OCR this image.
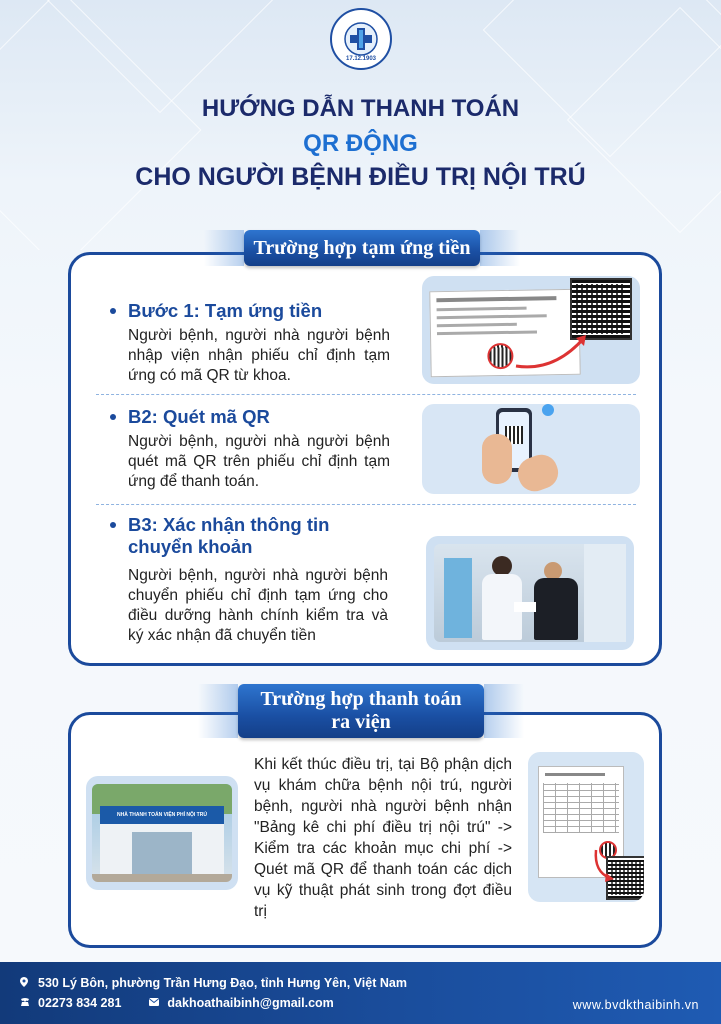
17.12.1903
HƯỚNG DẪN THANH TOÁN
QR ĐỘNG
CHO NGƯỜI BỆNH ĐIỀU TRỊ NỘI TRÚ
Trường hợp tạm ứng tiền
Bước 1: Tạm ứng tiền
Người bệnh, người nhà người bệnh nhập viện nhận phiếu chỉ định tạm ứng có mã QR từ khoa.
B2: Quét mã QR
Người bệnh, người nhà người bệnh quét mã QR trên phiếu chỉ định tạm ứng để thanh toán.
B3: Xác nhận thông tin chuyển khoản
Người bệnh, người nhà người bệnh chuyển phiếu chỉ định tạm ứng cho điều dưỡng hành chính kiểm tra và ký xác nhận đã chuyển tiền
Trường hợp thanh toán
ra viện
NHÀ THANH TOÁN VIỆN PHÍ NỘI TRÚ
Khi kết thúc điều trị, tại Bộ phận dịch vụ khám chữa bệnh nội trú, người bệnh, người nhà người bệnh nhận "Bảng kê chi phí điều trị nội trú" -> Kiểm tra các khoản mục chi phí -> Quét mã QR để thanh toán các dịch vụ kỹ thuật phát sinh trong đợt điều trị
530 Lý Bôn, phường Trần Hưng Đạo, tỉnh Hưng Yên, Việt Nam
02273 834 281	dakhoathaibinh@gmail.com	www.bvdkthaibinh.vn
